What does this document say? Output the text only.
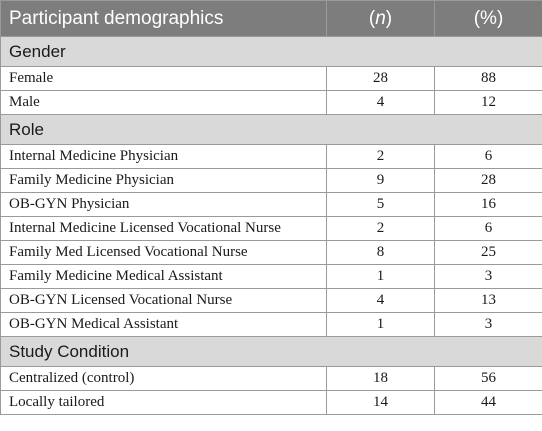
Participant demographics	(n)	(%)
Gender		
Female	28	88
Male	4	12
Role		
Internal Medicine Physician	2	6
Family Medicine Physician	9	28
OB-GYN Physician	5	16
Internal Medicine Licensed Vocational Nurse	2	6
Family Med Licensed Vocational Nurse	8	25
Family Medicine Medical Assistant	1	3
OB-GYN Licensed Vocational Nurse	4	13
OB-GYN Medical Assistant	1	3
Study Condition		
Centralized (control)	18	56
Locally tailored	14	44
